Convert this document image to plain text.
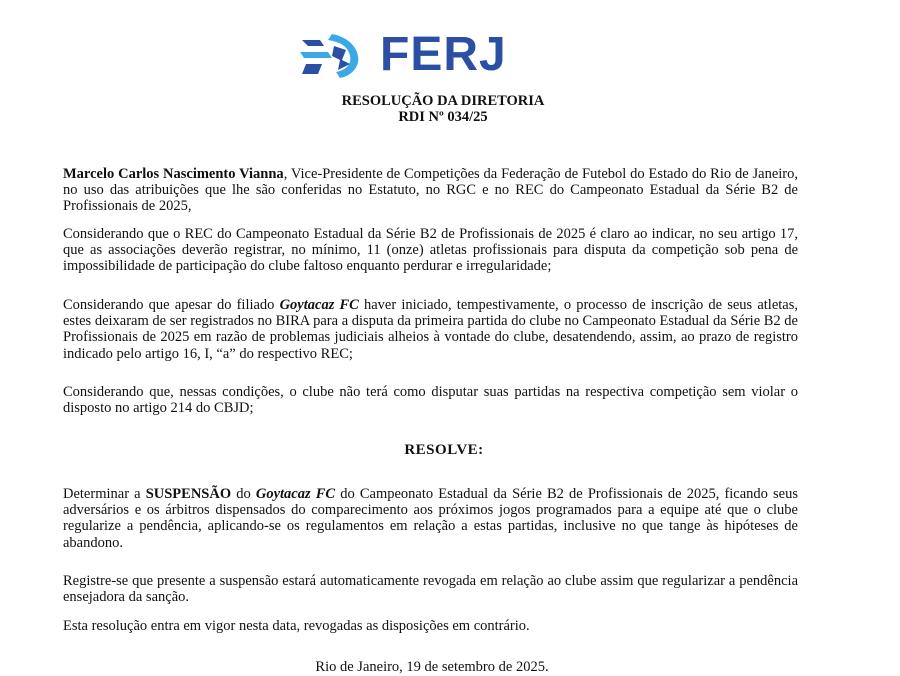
FERJ
RESOLUÇÃO DA DIRETORIA
RDI Nº 034/25
Marcelo Carlos Nascimento Vianna, Vice-Presidente de Competições da Federação de Futebol do Estado do Rio de Janeiro, no uso das atribuições que lhe são conferidas no Estatuto, no RGC e no REC do Campeonato Estadual da Série B2 de Profissionais de 2025,
Considerando que o REC do Campeonato Estadual da Série B2 de Profissionais de 2025 é claro ao indicar, no seu artigo 17, que as associações deverão registrar, no mínimo, 11 (onze) atletas profissionais para disputa da competição sob pena de impossibilidade de participação do clube faltoso enquanto perdurar e irregularidade;
Considerando que apesar do filiado Goytacaz FC haver iniciado, tempestivamente, o processo de inscrição de seus atletas, estes deixaram de ser registrados no BIRA para a disputa da primeira partida do clube no Campeonato Estadual da Série B2 de Profissionais de 2025 em razão de problemas judiciais alheios à vontade do clube, desatendendo, assim, ao prazo de registro indicado pelo artigo 16, I, “a” do respectivo REC;
Considerando que, nessas condições, o clube não terá como disputar suas partidas na respectiva competição sem violar o disposto no artigo 214 do CBJD;
RESOLVE:
Determinar a SUSPENSÃO do Goytacaz FC do Campeonato Estadual da Série B2 de Profissionais de 2025, ficando seus adversários e os árbitros dispensados do comparecimento aos próximos jogos programados para a equipe até que o clube regularize a pendência, aplicando-se os regulamentos em relação a estas partidas, inclusive no que tange às hipóteses de abandono.
Registre-se que presente a suspensão estará automaticamente revogada em relação ao clube assim que regularizar a pendência ensejadora da sanção.
Esta resolução entra em vigor nesta data, revogadas as disposições em contrário.
Rio de Janeiro, 19 de setembro de 2025.
